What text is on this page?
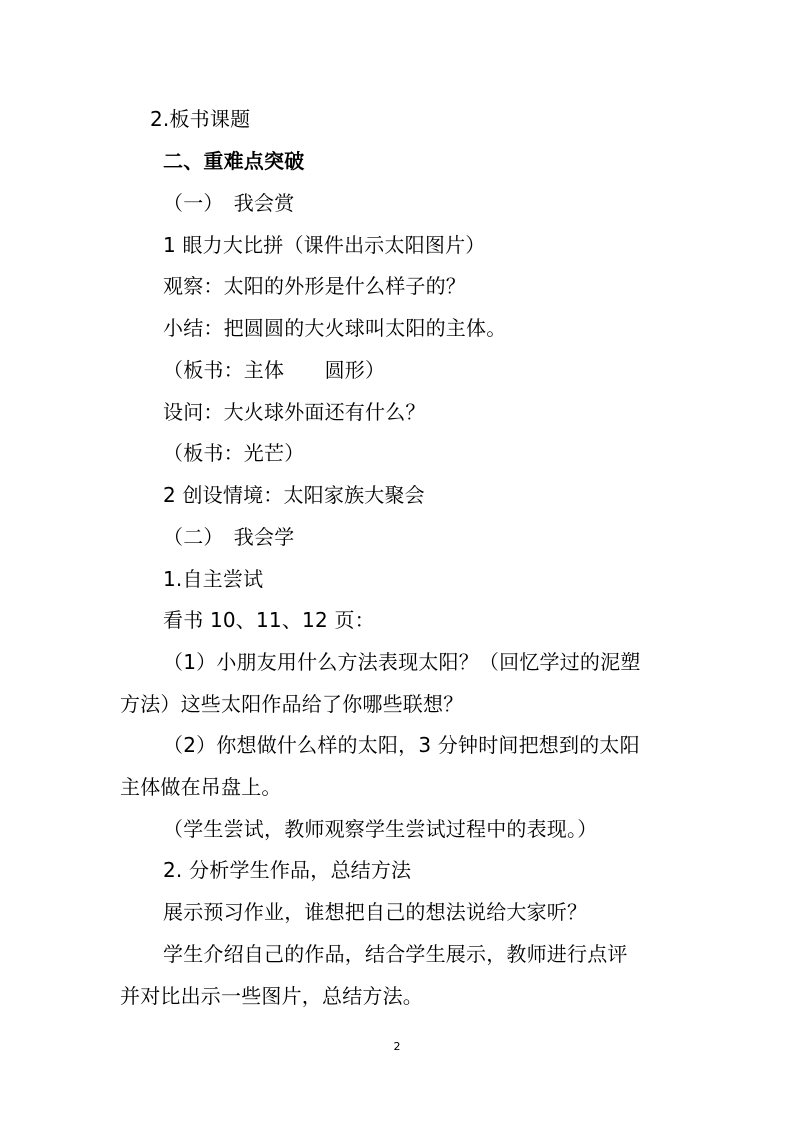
2.板书课题
二、重难点突破
（一）　我会赏
1 眼力大比拼（课件出示太阳图片）
观察：太阳的外形是什么样子的？
小结：把圆圆的大火球叫太阳的主体。
（板书：主体　　圆形）
设问：大火球外面还有什么？
（板书：光芒）
2 创设情境：太阳家族大聚会
（二）　我会学
1.自主尝试
看书 10、11、12 页：
（1）小朋友用什么方法表现太阳？（回忆学过的泥塑
方法）这些太阳作品给了你哪些联想？
（2）你想做什么样的太阳，3 分钟时间把想到的太阳
主体做在吊盘上。
（学生尝试，教师观察学生尝试过程中的表现。）
2. 分析学生作品，总结方法
展示预习作业，谁想把自己的想法说给大家听？
学生介绍自己的作品，结合学生展示，教师进行点评
并对比出示一些图片，总结方法。
2
